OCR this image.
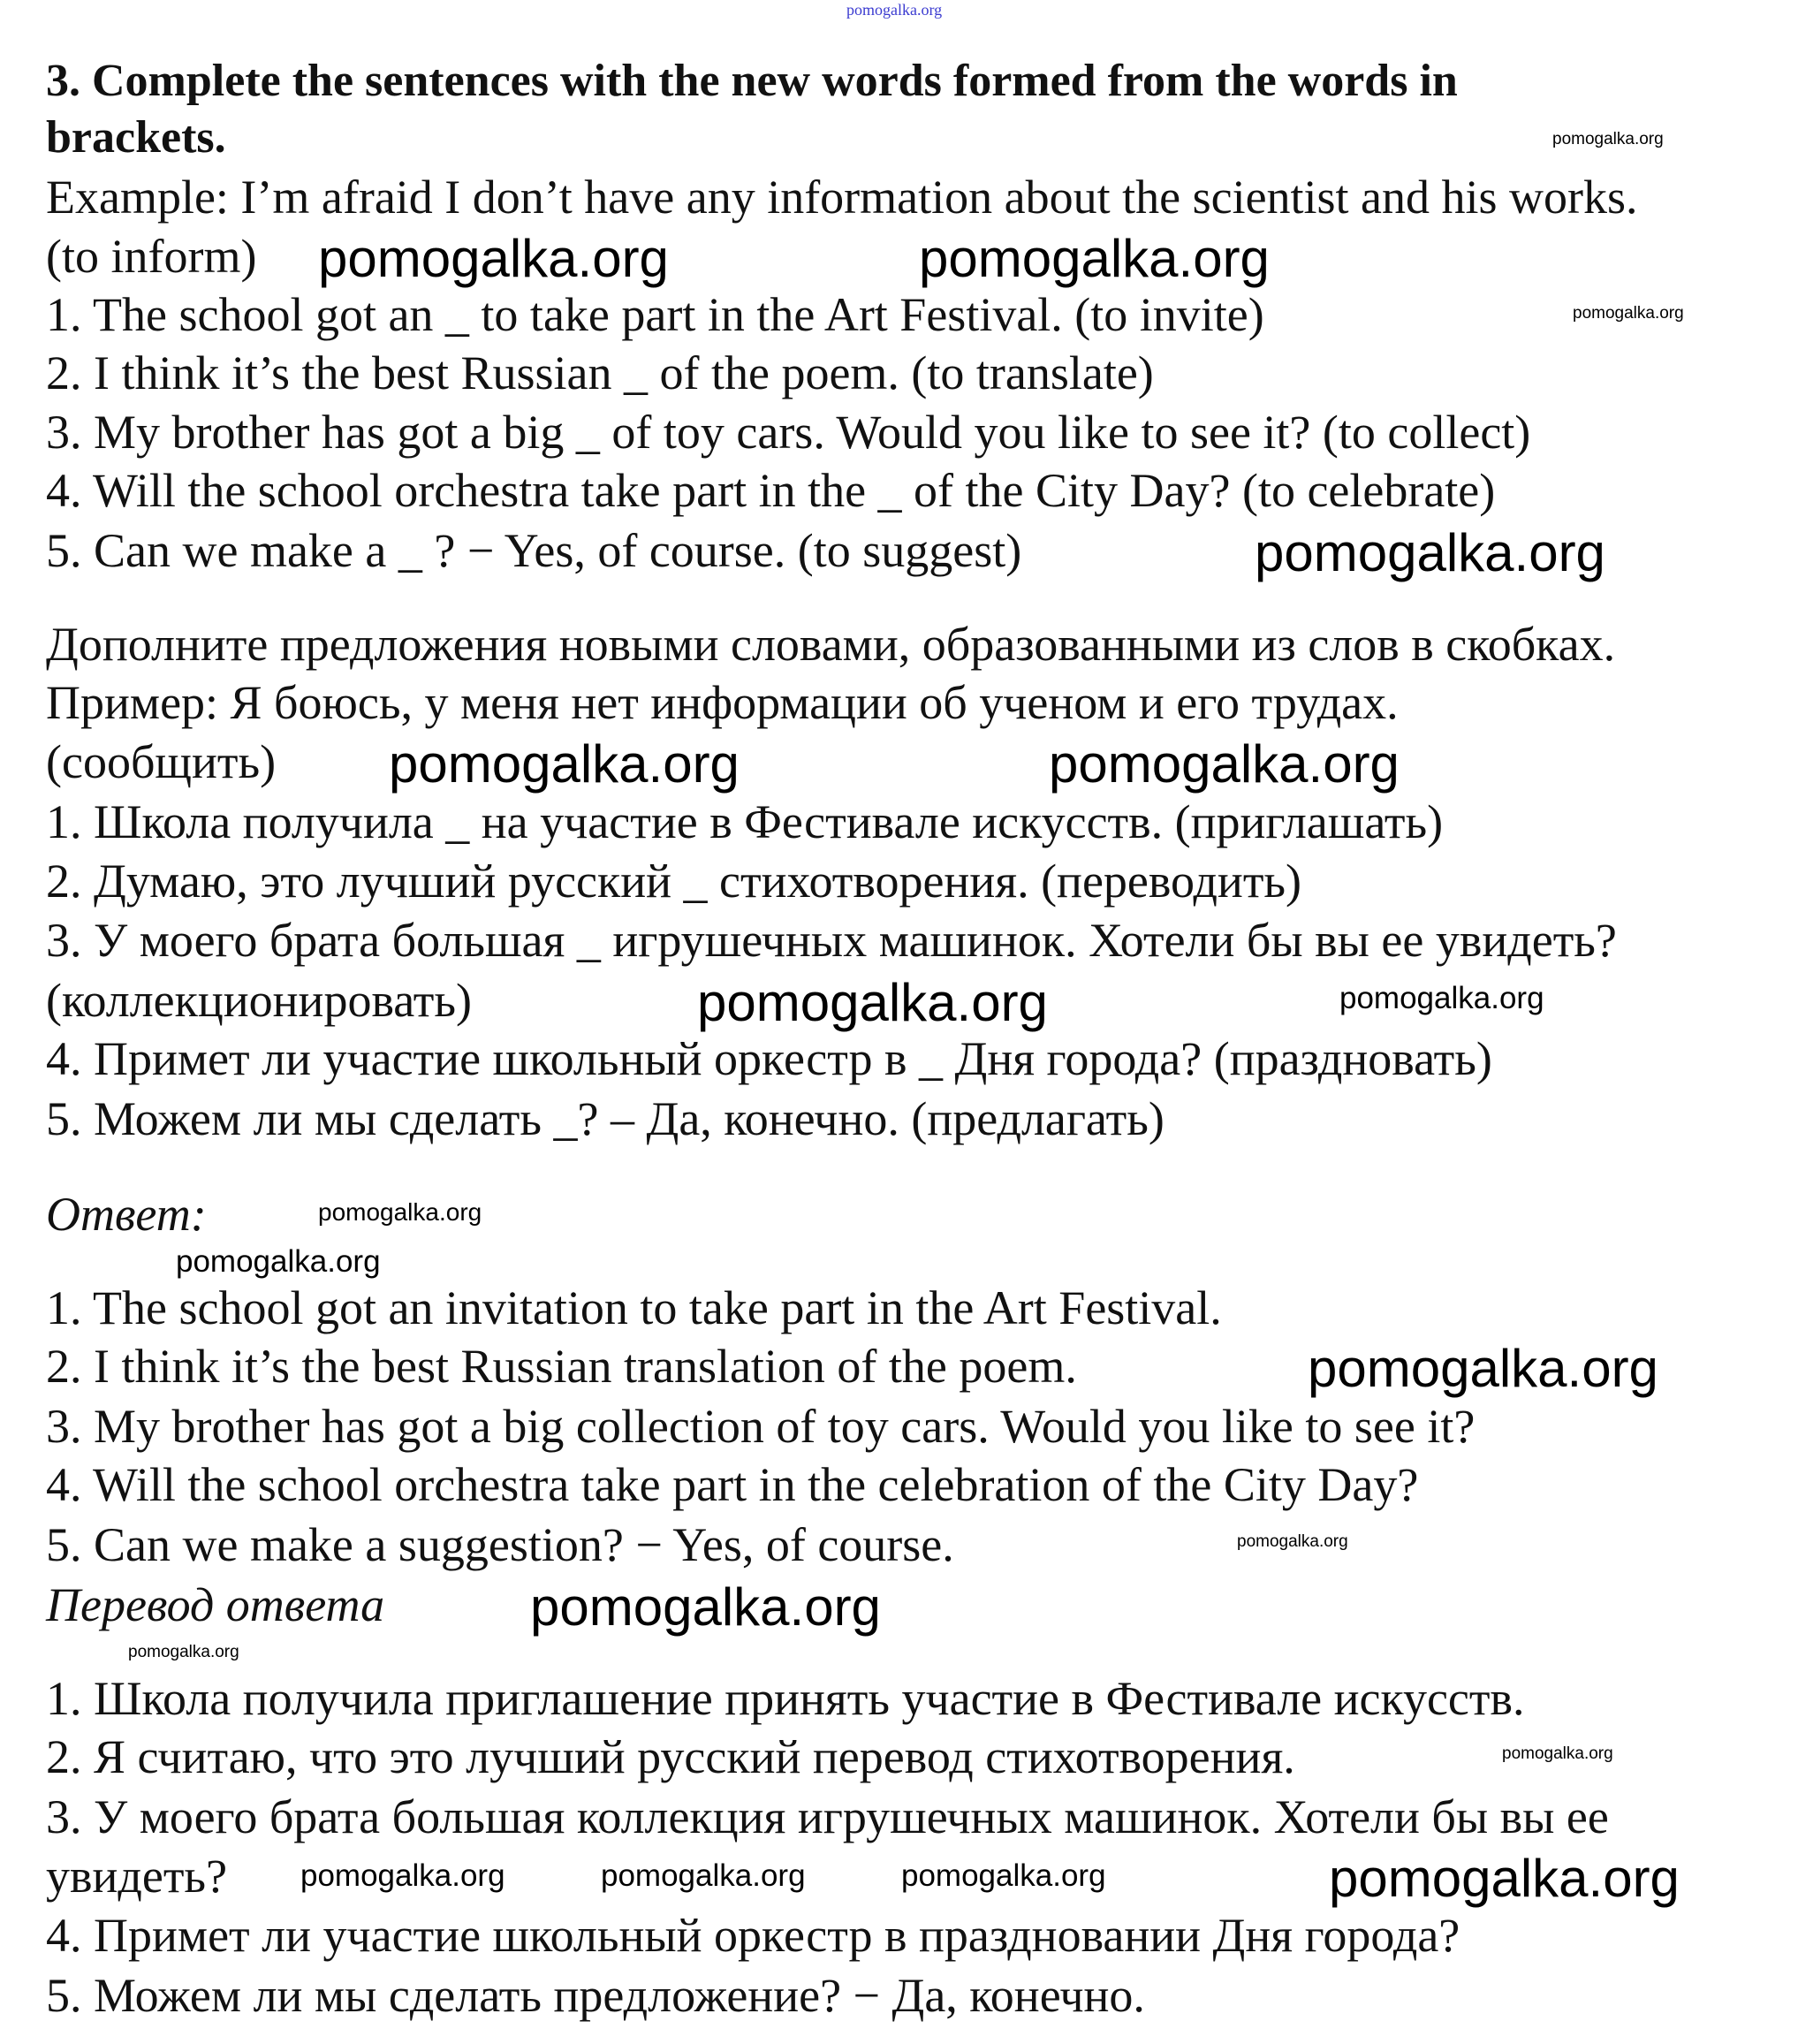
pomogalka.org
3. Complete the sentences with the new words formed from the words in
brackets.
Example: I’m afraid I don’t have any information about the scientist and his works.
(to inform)
1. The school got an _ to take part in the Art Festival. (to invite)
2. I think it’s the best Russian _ of the poem. (to translate)
3. My brother has got a big _ of toy cars. Would you like to see it? (to collect)
4. Will the school orchestra take part in the _ of the City Day? (to celebrate)
5. Can we make a _ ? − Yes, of course. (to suggest)
Дополните предложения новыми словами, образованными из слов в скобках.
Пример: Я боюсь, у меня нет информации об ученом и его трудах.
(сообщить)
1. Школа получила _ на участие в Фестивале искусств. (приглашать)
2. Думаю, это лучший русский _ стихотворения. (переводить)
3. У моего брата большая _ игрушечных машинок. Хотели бы вы ее увидеть?
(коллекционировать)
4. Примет ли участие школьный оркестр в _ Дня города? (праздновать)
5. Можем ли мы сделать _? – Да, конечно. (предлагать)
Ответ:
1. The school got an invitation to take part in the Art Festival.
2. I think it’s the best Russian translation of the poem.
3. My brother has got a big collection of toy cars. Would you like to see it?
4. Will the school orchestra take part in the celebration of the City Day?
5. Can we make a suggestion? − Yes, of course.
Перевод ответа
1. Школа получила приглашение принять участие в Фестивале искусств.
2. Я считаю, что это лучший русский перевод стихотворения.
3. У моего брата большая коллекция игрушечных машинок. Хотели бы вы ее
увидеть?
4. Примет ли участие школьный оркестр в праздновании Дня города?
5. Можем ли мы сделать предложение? − Да, конечно.
pomogalka.org	pomogalka.org
pomogalka.org
pomogalka.org	pomogalka.org
pomogalka.org
pomogalka.org
pomogalka.org
pomogalka.org
pomogalka.org
pomogalka.org
pomogalka.org	pomogalka.org	pomogalka.org
pomogalka.org
pomogalka.org
pomogalka.org
pomogalka.org
pomogalka.org
pomogalka.org
